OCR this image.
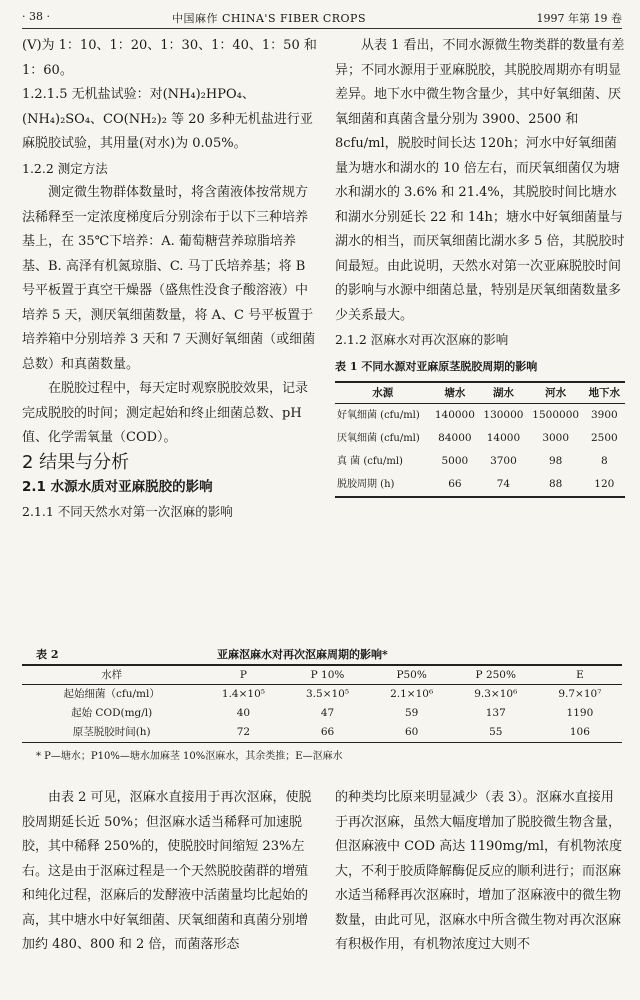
· 38 ·	中国麻作 CHINA'S FIBER CROPS	1997 年第 19 卷

(V)为 1：10、1：20、1：30、1：40、1：50 和 1：60。

1.2.1.5 无机盐试验：对(NH₄)₂HPO₄、(NH₄)₂SO₄、CO(NH₂)₂ 等 20 多种无机盐进行亚麻脱胶试验，其用量(对水)为 0.05%。

1.2.2 测定方法

测定微生物群体数量时，将含菌液体按常规方法稀释至一定浓度梯度后分别涂布于以下三种培养基上，在 35℃下培养：A. 葡萄糖营养琼脂培养基、B. 高泽有机氮琼脂、C. 马丁氏培养基；将 B 号平板置于真空干燥器（盛焦性没食子酸溶液）中培养 5 天，测厌氧细菌数量，将 A、C 号平板置于培养箱中分别培养 3 天和 7 天测好氧细菌（或细菌总数）和真菌数量。

在脱胶过程中，每天定时观察脱胶效果，记录完成脱胶的时间；测定起始和终止细菌总数、pH 值、化学需氧量（COD）。

2 结果与分析

2.1 水源水质对亚麻脱胶的影响

2.1.1 不同天然水对第一次沤麻的影响

从表 1 看出，不同水源微生物类群的数量有差异；不同水源用于亚麻脱胶，其脱胶周期亦有明显差异。地下水中微生物含量少，其中好氧细菌、厌氧细菌和真菌含量分别为 3900、2500 和 8cfu/ml，脱胶时间长达 120h；河水中好氧细菌量为塘水和湖水的 10 倍左右，而厌氧细菌仅为塘水和湖水的 3.6% 和 21.4%，其脱胶时间比塘水和湖水分别延长 22 和 14h；塘水中好氧细菌量与湖水的相当，而厌氧细菌比湖水多 5 倍，其脱胶时间最短。由此说明，天然水对第一次亚麻脱胶时间的影响与水源中细菌总量，特别是厌氧细菌数量多少关系最大。

2.1.2 沤麻水对再次沤麻的影响

表 1 不同水源对亚麻原茎脱胶周期的影响
水源	塘水	湖水	河水	地下水
好氧细菌 (cfu/ml)	140000	130000	1500000	3900
厌氧细菌 (cfu/ml)	84000	14000	3000	2500
真 菌 (cfu/ml)	5000	3700	98	8
脱胶周期 (h)	66	74	88	120
表 2	亚麻沤麻水对再次沤麻周期的影响*
水样	P	P 10%	P50%	P 250%	E
起始细菌（cfu/ml）	1.4×10⁵	3.5×10⁵	2.1×10⁶	9.3×10⁶	9.7×10⁷
起始 COD(mg/l)	40	47	59	137	1190
原茎脱胶时间(h)	72	66	60	55	106
* P—塘水；P10%—塘水加麻茎 10%沤麻水，其余类推；E—沤麻水

由表 2 可见，沤麻水直接用于再次沤麻，使脱胶周期延长近 50%；但沤麻水适当稀释可加速脱胶，其中稀释 250%的，使脱胶时间缩短 23%左右。这是由于沤麻过程是一个天然脱胶菌群的增殖和纯化过程，沤麻后的发酵液中活菌量均比起始的高，其中塘水中好氧细菌、厌氧细菌和真菌分别增加约 480、800 和 2 倍，而菌落形态

的种类均比原来明显减少（表 3）。沤麻水直接用于再次沤麻，虽然大幅度增加了脱胶微生物含量，但沤麻液中 COD 高达 1190mg/ml，有机物浓度大，不利于胶质降解酶促反应的顺利进行；而沤麻水适当稀释再次沤麻时，增加了沤麻液中的微生物数量，由此可见，沤麻水中所含微生物对再次沤麻有积极作用，有机物浓度过大则不
